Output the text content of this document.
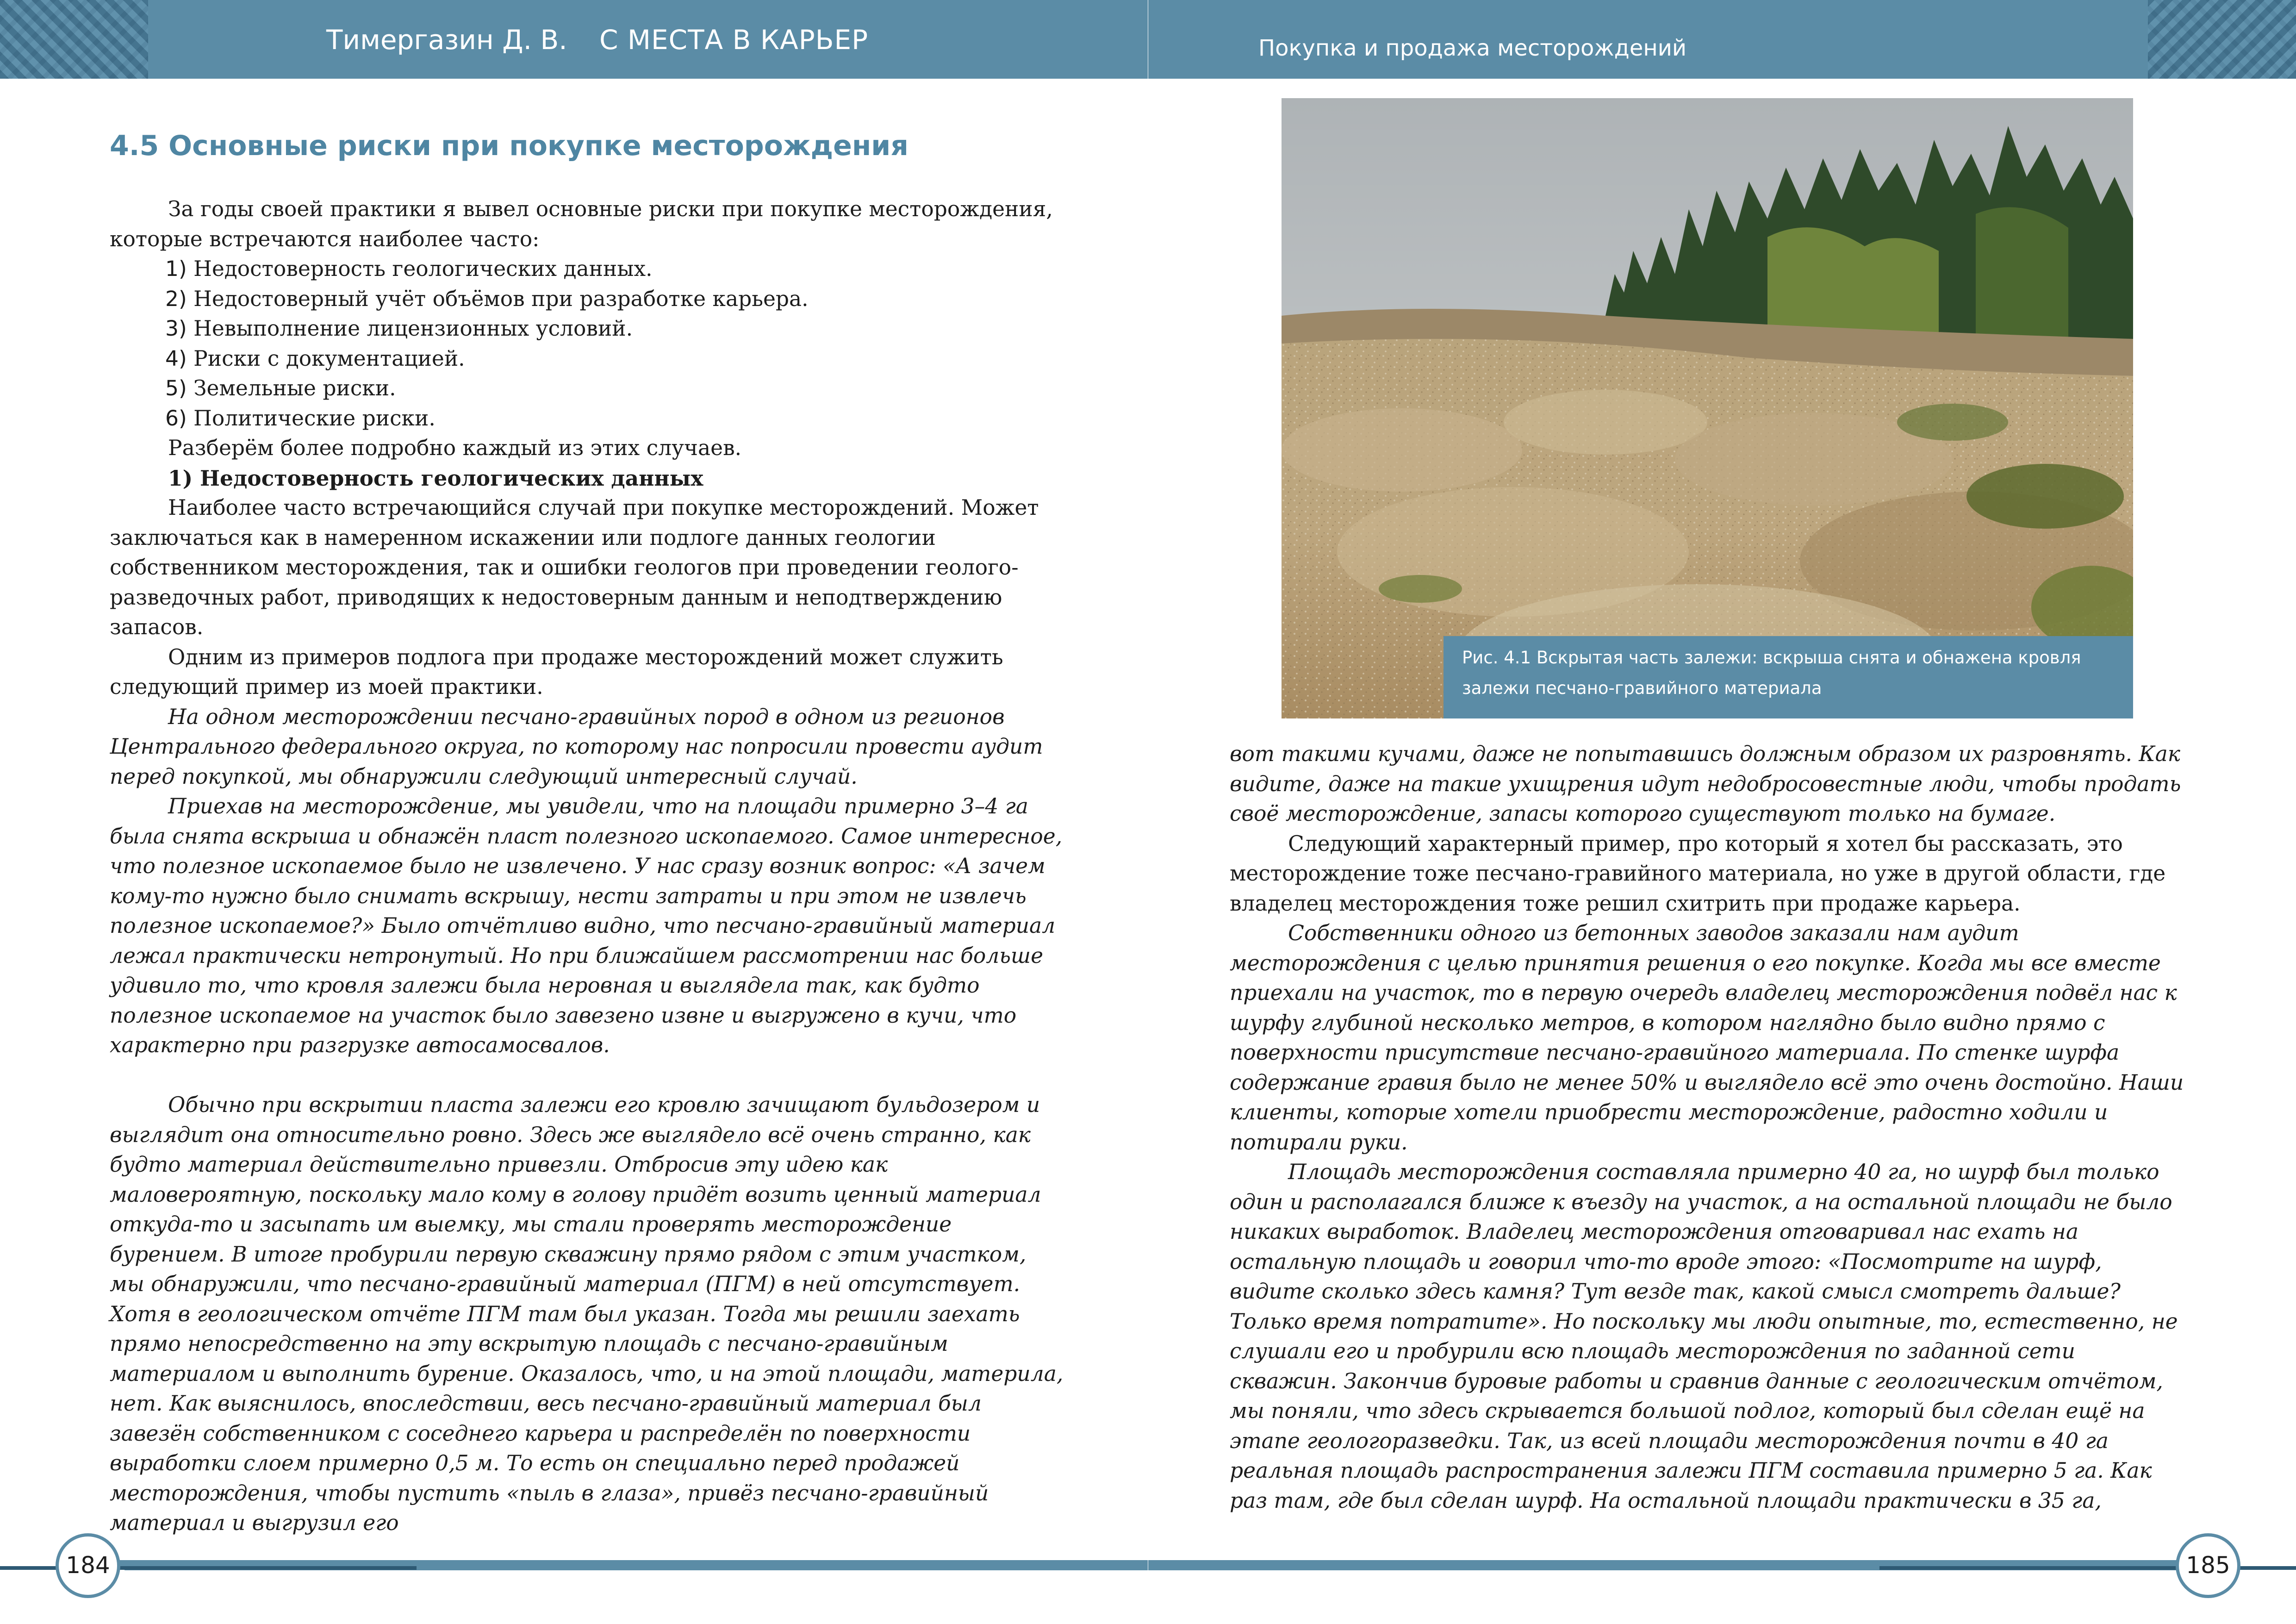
Тимергазин Д. В. С МЕСТА В КАРЬЕР
4.5 Основные риски при покупке месторождения

За годы своей практики я вывел основные риски при покупке месторождения, которые встречаются наиболее часто:

1) Недостоверность геологических данных.

2) Недостоверный учёт объёмов при разработке карьера.

3) Невыполнение лицензионных условий.

4) Риски с документацией.

5) Земельные риски.

6) Политические риски.

Разберём более подробно каждый из этих случаев.

1) Недостоверность геологических данных

Наиболее часто встречающийся случай при покупке месторождений. Может заключаться как в намеренном искажении или подлоге данных геологии собственником месторождения, так и ошибки геологов при проведении геолого-разведочных работ, приводящих к недостоверным данным и неподтверждению запасов.

Одним из примеров подлога при продаже месторождений может служить следующий пример из моей практики.

На одном месторождении песчано-гравийных пород в одном из регионов Центрального федерального округа, по которому нас попросили провести аудит перед покупкой, мы обнаружили следующий интересный случай.

Приехав на месторождение, мы увидели, что на площади примерно 3–4 га была снята вскрыша и обнажён пласт полезного ископаемого. Самое интересное, что полезное ископаемое было не извлечено. У нас сразу возник вопрос: «А зачем кому-то нужно было снимать вскрышу, нести затраты и при этом не извлечь полезное ископаемое?» Было отчётливо видно, что песчано-гравийный материал лежал практически нетронутый. Но при ближайшем рассмотрении нас больше удивило то, что кровля залежи была неровная и выглядела так, как будто полезное ископаемое на участок было завезено извне и выгружено в кучи, что характерно при разгрузке автосамосвалов.

Обычно при вскрытии пласта залежи его кровлю зачищают бульдозером и выглядит она относительно ровно. Здесь же выглядело всё очень странно, как будто материал действительно привезли. Отбросив эту идею как маловероятную, поскольку мало кому в голову придёт возить ценный материал откуда-то и засыпать им выемку, мы стали проверять месторождение бурением. В итоге пробурили первую скважину прямо рядом с этим участком, мы обнаружили, что песчано-гравийный материал (ПГМ) в ней отсутствует. Хотя в геологическом отчёте ПГМ там был указан. Тогда мы решили заехать прямо непосредственно на эту вскрытую площадь с песчано-гравийным материалом и выполнить бурение. Оказалось, что, и на этой площади, материла, нет. Как выяснилось, впоследствии, весь песчано-гравийный материал был завезён собственником с соседнего карьера и распределён по поверхности выработки слоем примерно 0,5 м. То есть он специально перед продажей месторождения, чтобы пустить «пыль в глаза», привёз песчано-гравийный материал и выгрузил его

184
Покупка и продажа месторождений
Рис. 4.1 Вскрытая часть залежи: вскрыша снята и обнажена кровля залежи песчано-гравийного материала

вот такими кучами, даже не попытавшись должным образом их разровнять. Как видите, даже на такие ухищрения идут недобросовестные люди, чтобы продать своё месторождение, запасы которого существуют только на бумаге.

Следующий характерный пример, про который я хотел бы рассказать, это месторождение тоже песчано-гравийного материала, но уже в другой области, где владелец месторождения тоже решил схитрить при продаже карьера.

Собственники одного из бетонных заводов заказали нам аудит месторождения с целью принятия решения о его покупке. Когда мы все вместе приехали на участок, то в первую очередь владелец месторождения подвёл нас к шурфу глубиной несколько метров, в котором наглядно было видно прямо с поверхности присутствие песчано-гравийного материала. По стенке шурфа содержание гравия было не менее 50% и выглядело всё это очень достойно. Наши клиенты, которые хотели приобрести месторождение, радостно ходили и потирали руки.

Площадь месторождения составляла примерно 40 га, но шурф был только один и располагался ближе к въезду на участок, а на остальной площади не было никаких выработок. Владелец месторождения отговаривал нас ехать на остальную площадь и говорил что-то вроде этого: «Посмотрите на шурф, видите сколько здесь камня? Тут везде так, какой смысл смотреть дальше? Только время потратите». Но поскольку мы люди опытные, то, естественно, не слушали его и пробурили всю площадь месторождения по заданной сети скважин. Закончив буровые работы и сравнив данные с геологическим отчётом, мы поняли, что здесь скрывается большой подлог, который был сделан ещё на этапе геологоразведки. Так, из всей площади месторождения почти в 40 га реальная площадь распространения залежи ПГМ составила примерно 5 га. Как раз там, где был сделан шурф. На остальной площади практически в 35 га,

185
